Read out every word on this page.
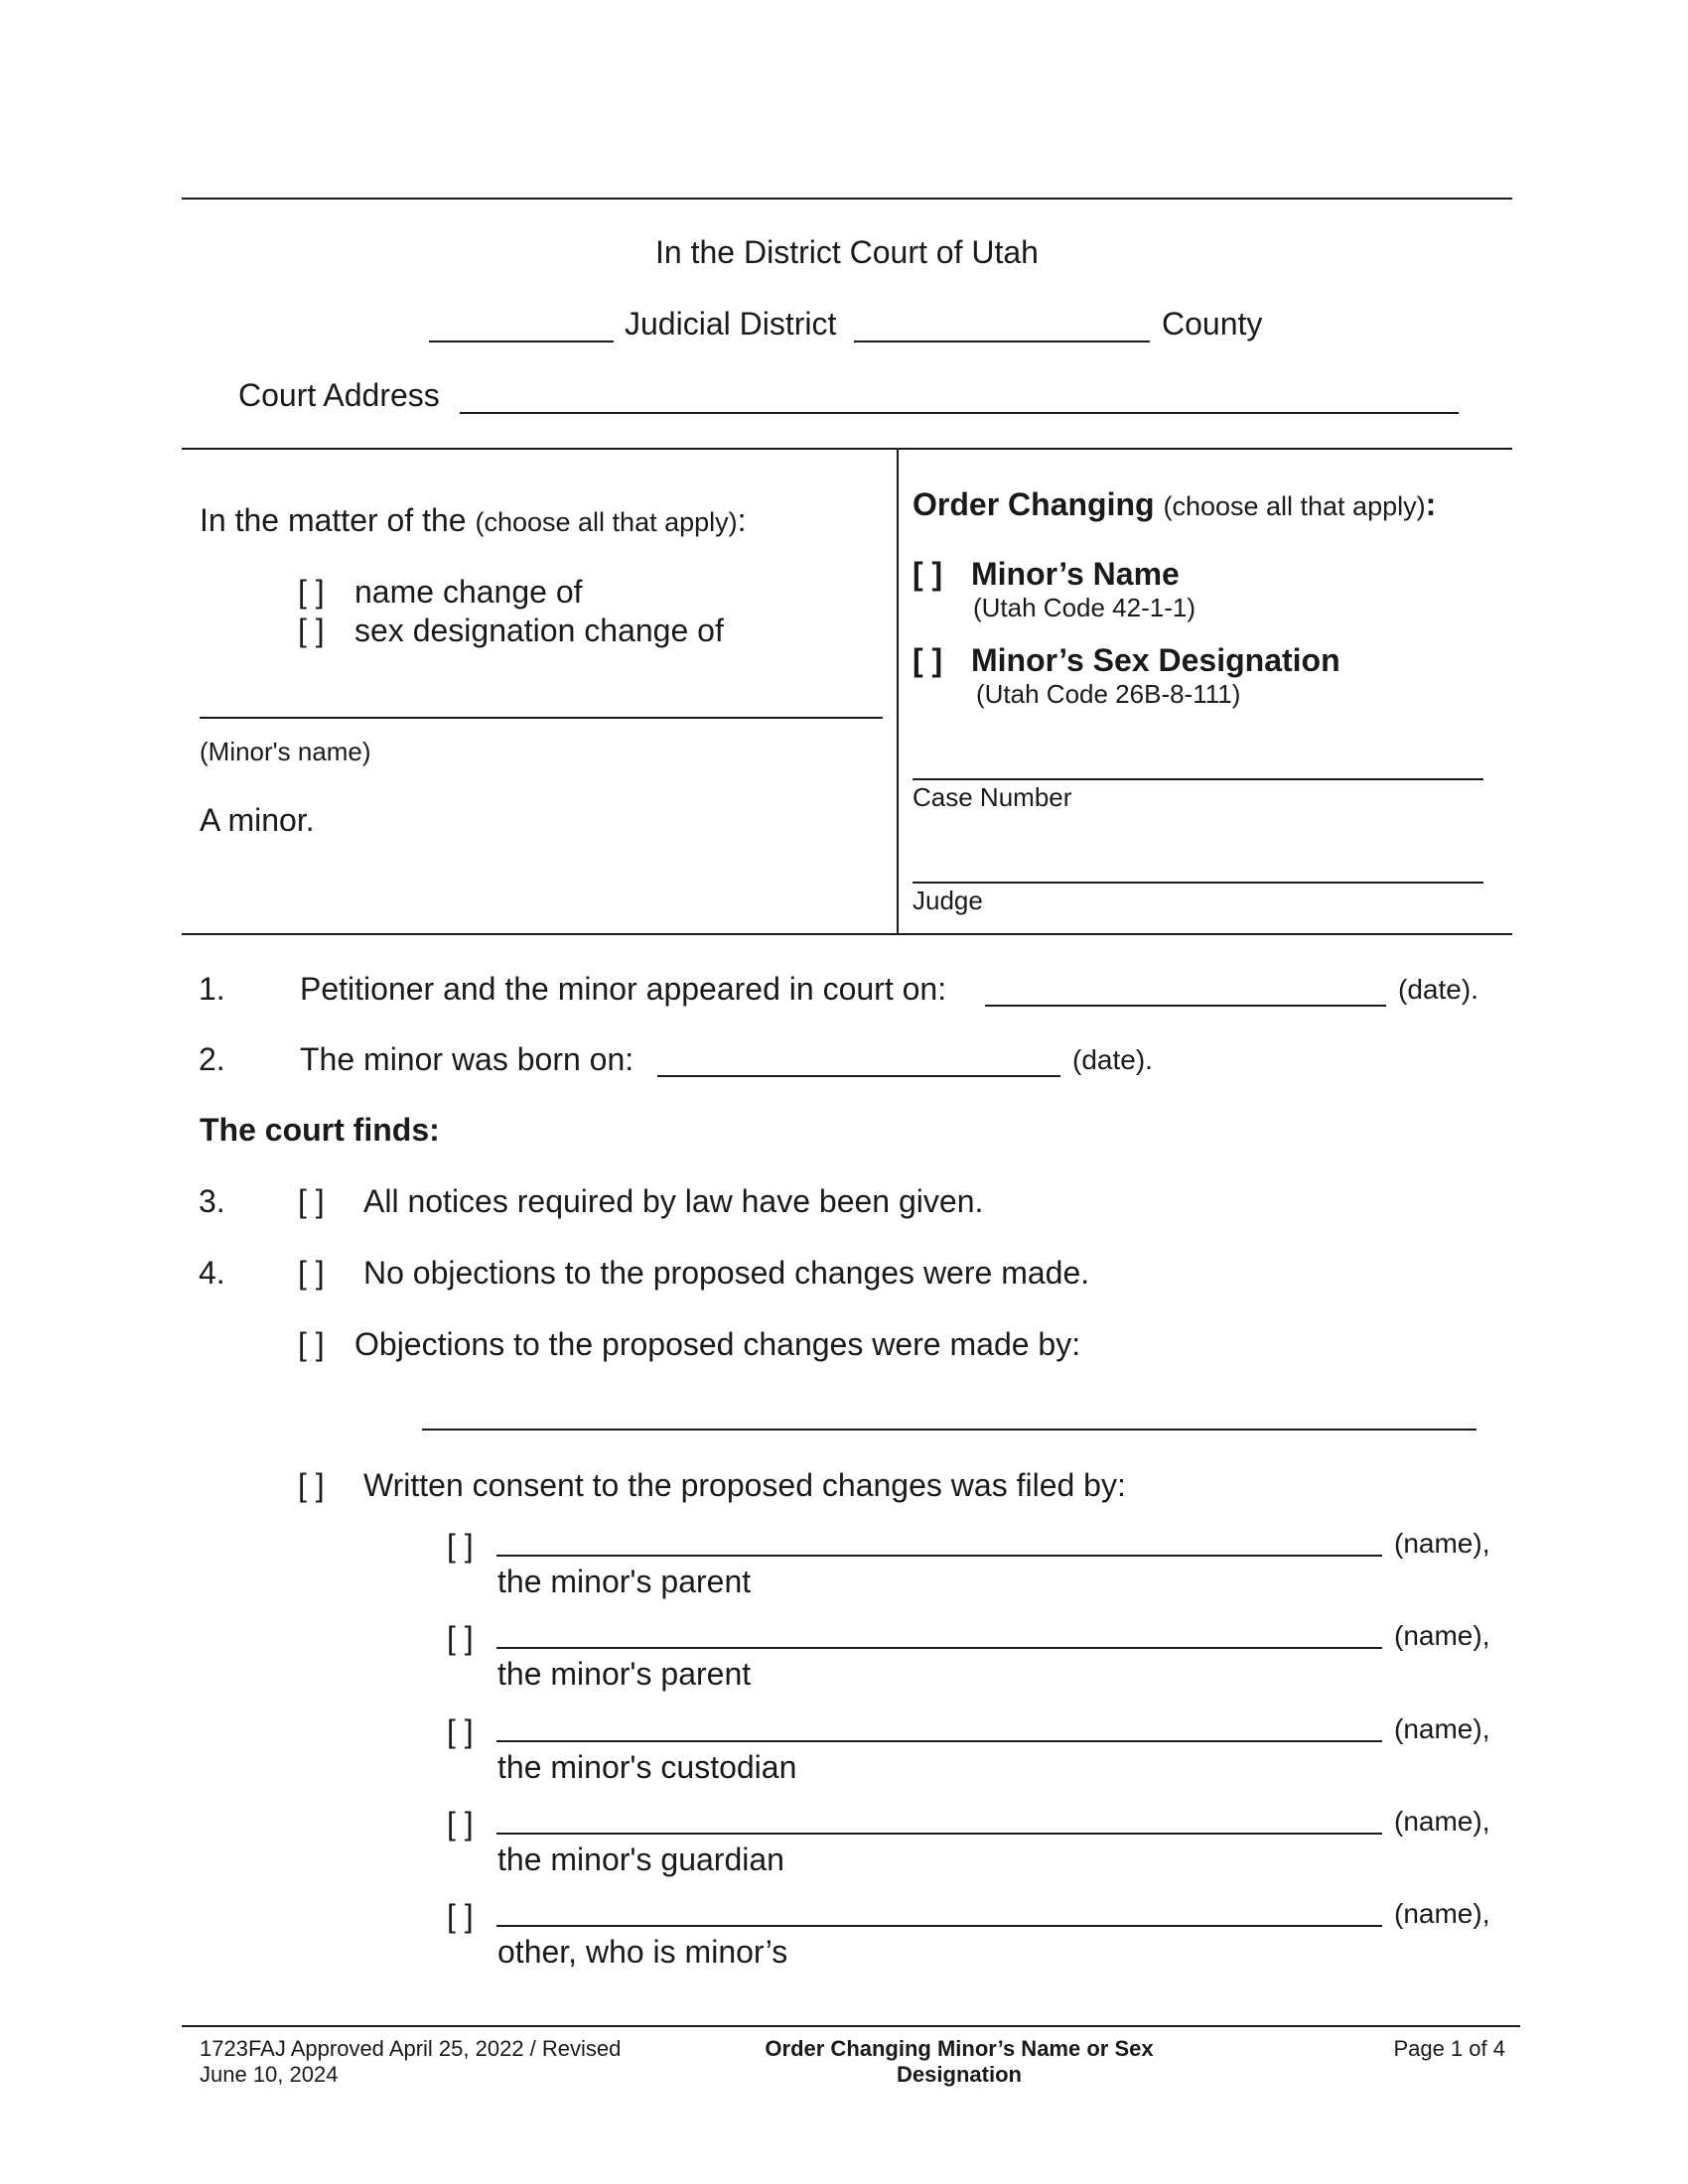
In the District Court of Utah
Judicial District	County
Court Address
In the matter of the (choose all that apply):
[ ] name change of
[ ] sex designation change of
(Minor's name)
A minor.
Order Changing (choose all that apply):
[ ] Minor’s Name
(Utah Code 42-1-1)
[ ] Minor’s Sex Designation
(Utah Code 26B-8-111)
Case Number
Judge
1. Petitioner and the minor appeared in court on:	(date).
2. The minor was born on:	(date).
The court finds:
3. [ ] All notices required by law have been given.
4. [ ] No objections to the proposed changes were made.
[ ] Objections to the proposed changes were made by:
[ ] Written consent to the proposed changes was filed by:
[ ]	(name),
the minor's parent
[ ]	(name),
the minor's parent
[ ]	(name),
the minor's custodian
[ ]	(name),
the minor's guardian
[ ]	(name),
other, who is minor’s
1723FAJ Approved April 25, 2022 / Revised
June 10, 2024
Order Changing Minor’s Name or Sex
Designation
Page 1 of 4
